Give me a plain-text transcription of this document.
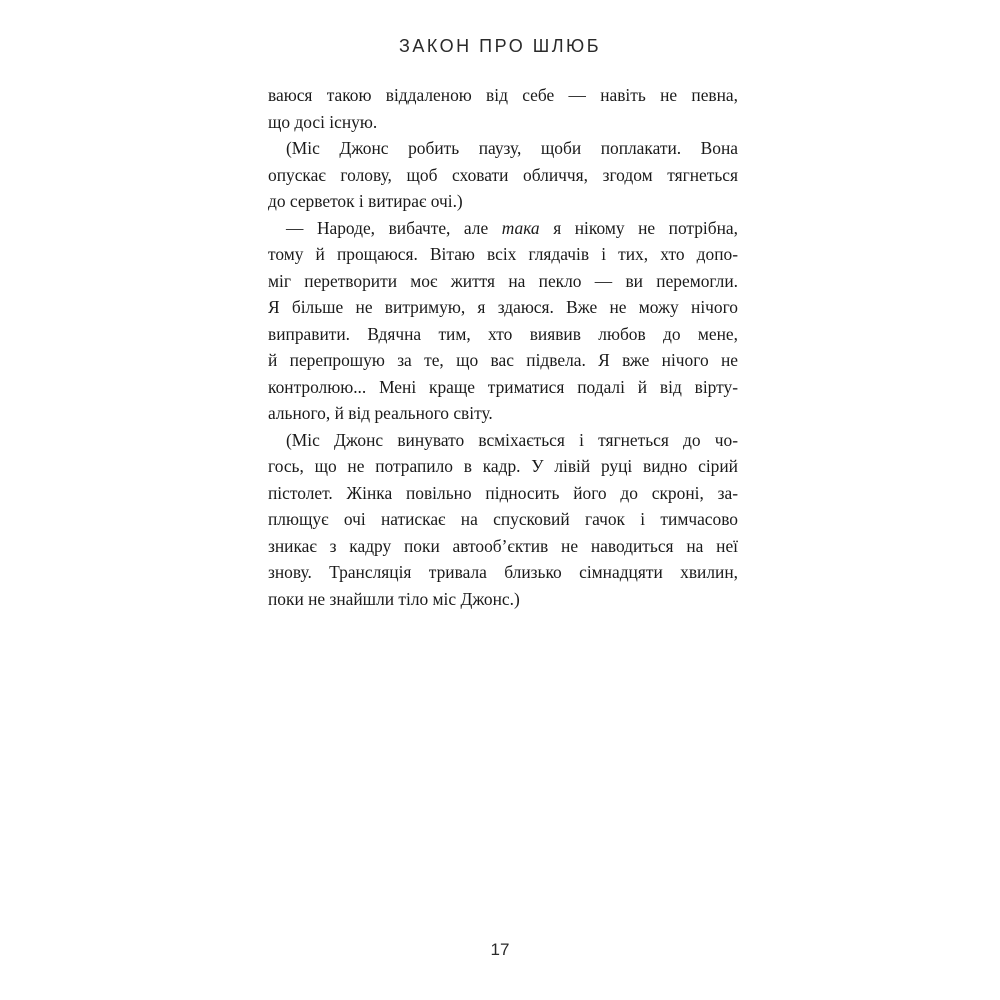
ЗАКОН ПРО ШЛЮБ
ваюся такою віддаленою від себе — навіть не певна,
що досі існую.
(Міс Джонс робить паузу, щоби поплакати. Вона
опускає голову, щоб сховати обличчя, згодом тягнеться
до серветок і витирає очі.)
— Народе, вибачте, але така я нікому не потрібна,
тому й прощаюся. Вітаю всіх глядачів і тих, хто допо-
міг перетворити моє життя на пекло — ви перемогли.
Я більше не витримую, я здаюся. Вже не можу нічого
виправити. Вдячна тим, хто виявив любов до мене,
й перепрошую за те, що вас підвела. Я вже нічого не
контролюю... Мені краще триматися подалі й від вірту-
ального, й від реального світу.
(Міс Джонс винувато всміхається і тягнеться до чо-
гось, що не потрапило в кадр. У лівій руці видно сірий
пістолет. Жінка повільно підносить його до скроні, за-
плющує очі натискає на спусковий гачок і тимчасово
зникає з кадру поки автооб’єктив не наводиться на неї
знову. Трансляція тривала близько сімнадцяти хвилин,
поки не знайшли тіло міс Джонс.)
17
